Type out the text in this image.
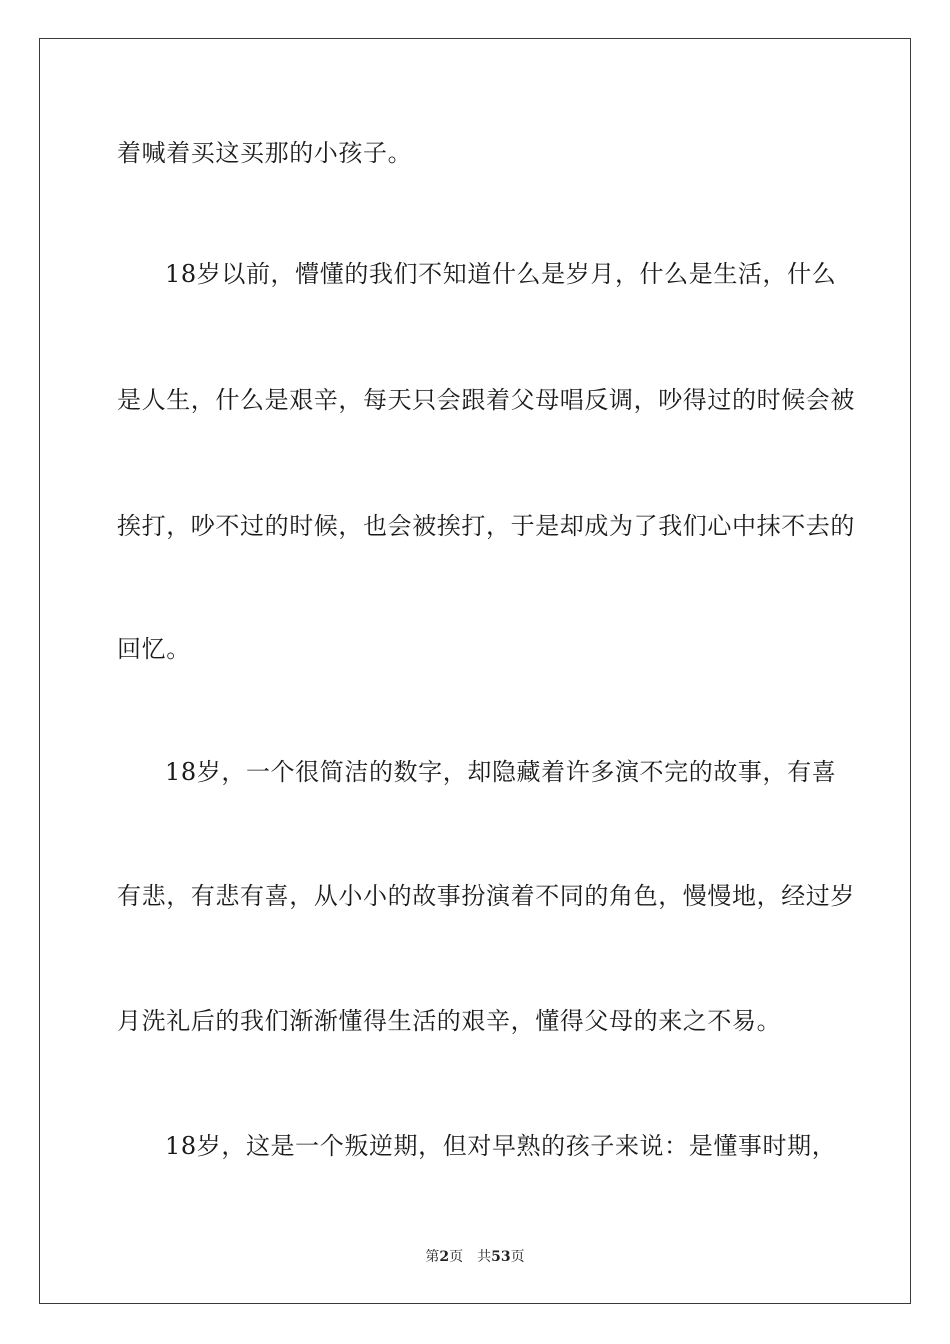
着喊着买这买那的小孩子。
18岁以前，懵懂的我们不知道什么是岁月，什么是生活，什么
是人生，什么是艰辛，每天只会跟着父母唱反调，吵得过的时候会被
挨打，吵不过的时候，也会被挨打，于是却成为了我们心中抹不去的
回忆。
18岁，一个很简洁的数字，却隐藏着许多演不完的故事，有喜
有悲，有悲有喜，从小小的故事扮演着不同的角色，慢慢地，经过岁
月洗礼后的我们渐渐懂得生活的艰辛，懂得父母的来之不易。
18岁，这是一个叛逆期，但对早熟的孩子来说：是懂事时期，
第2页 共53页
